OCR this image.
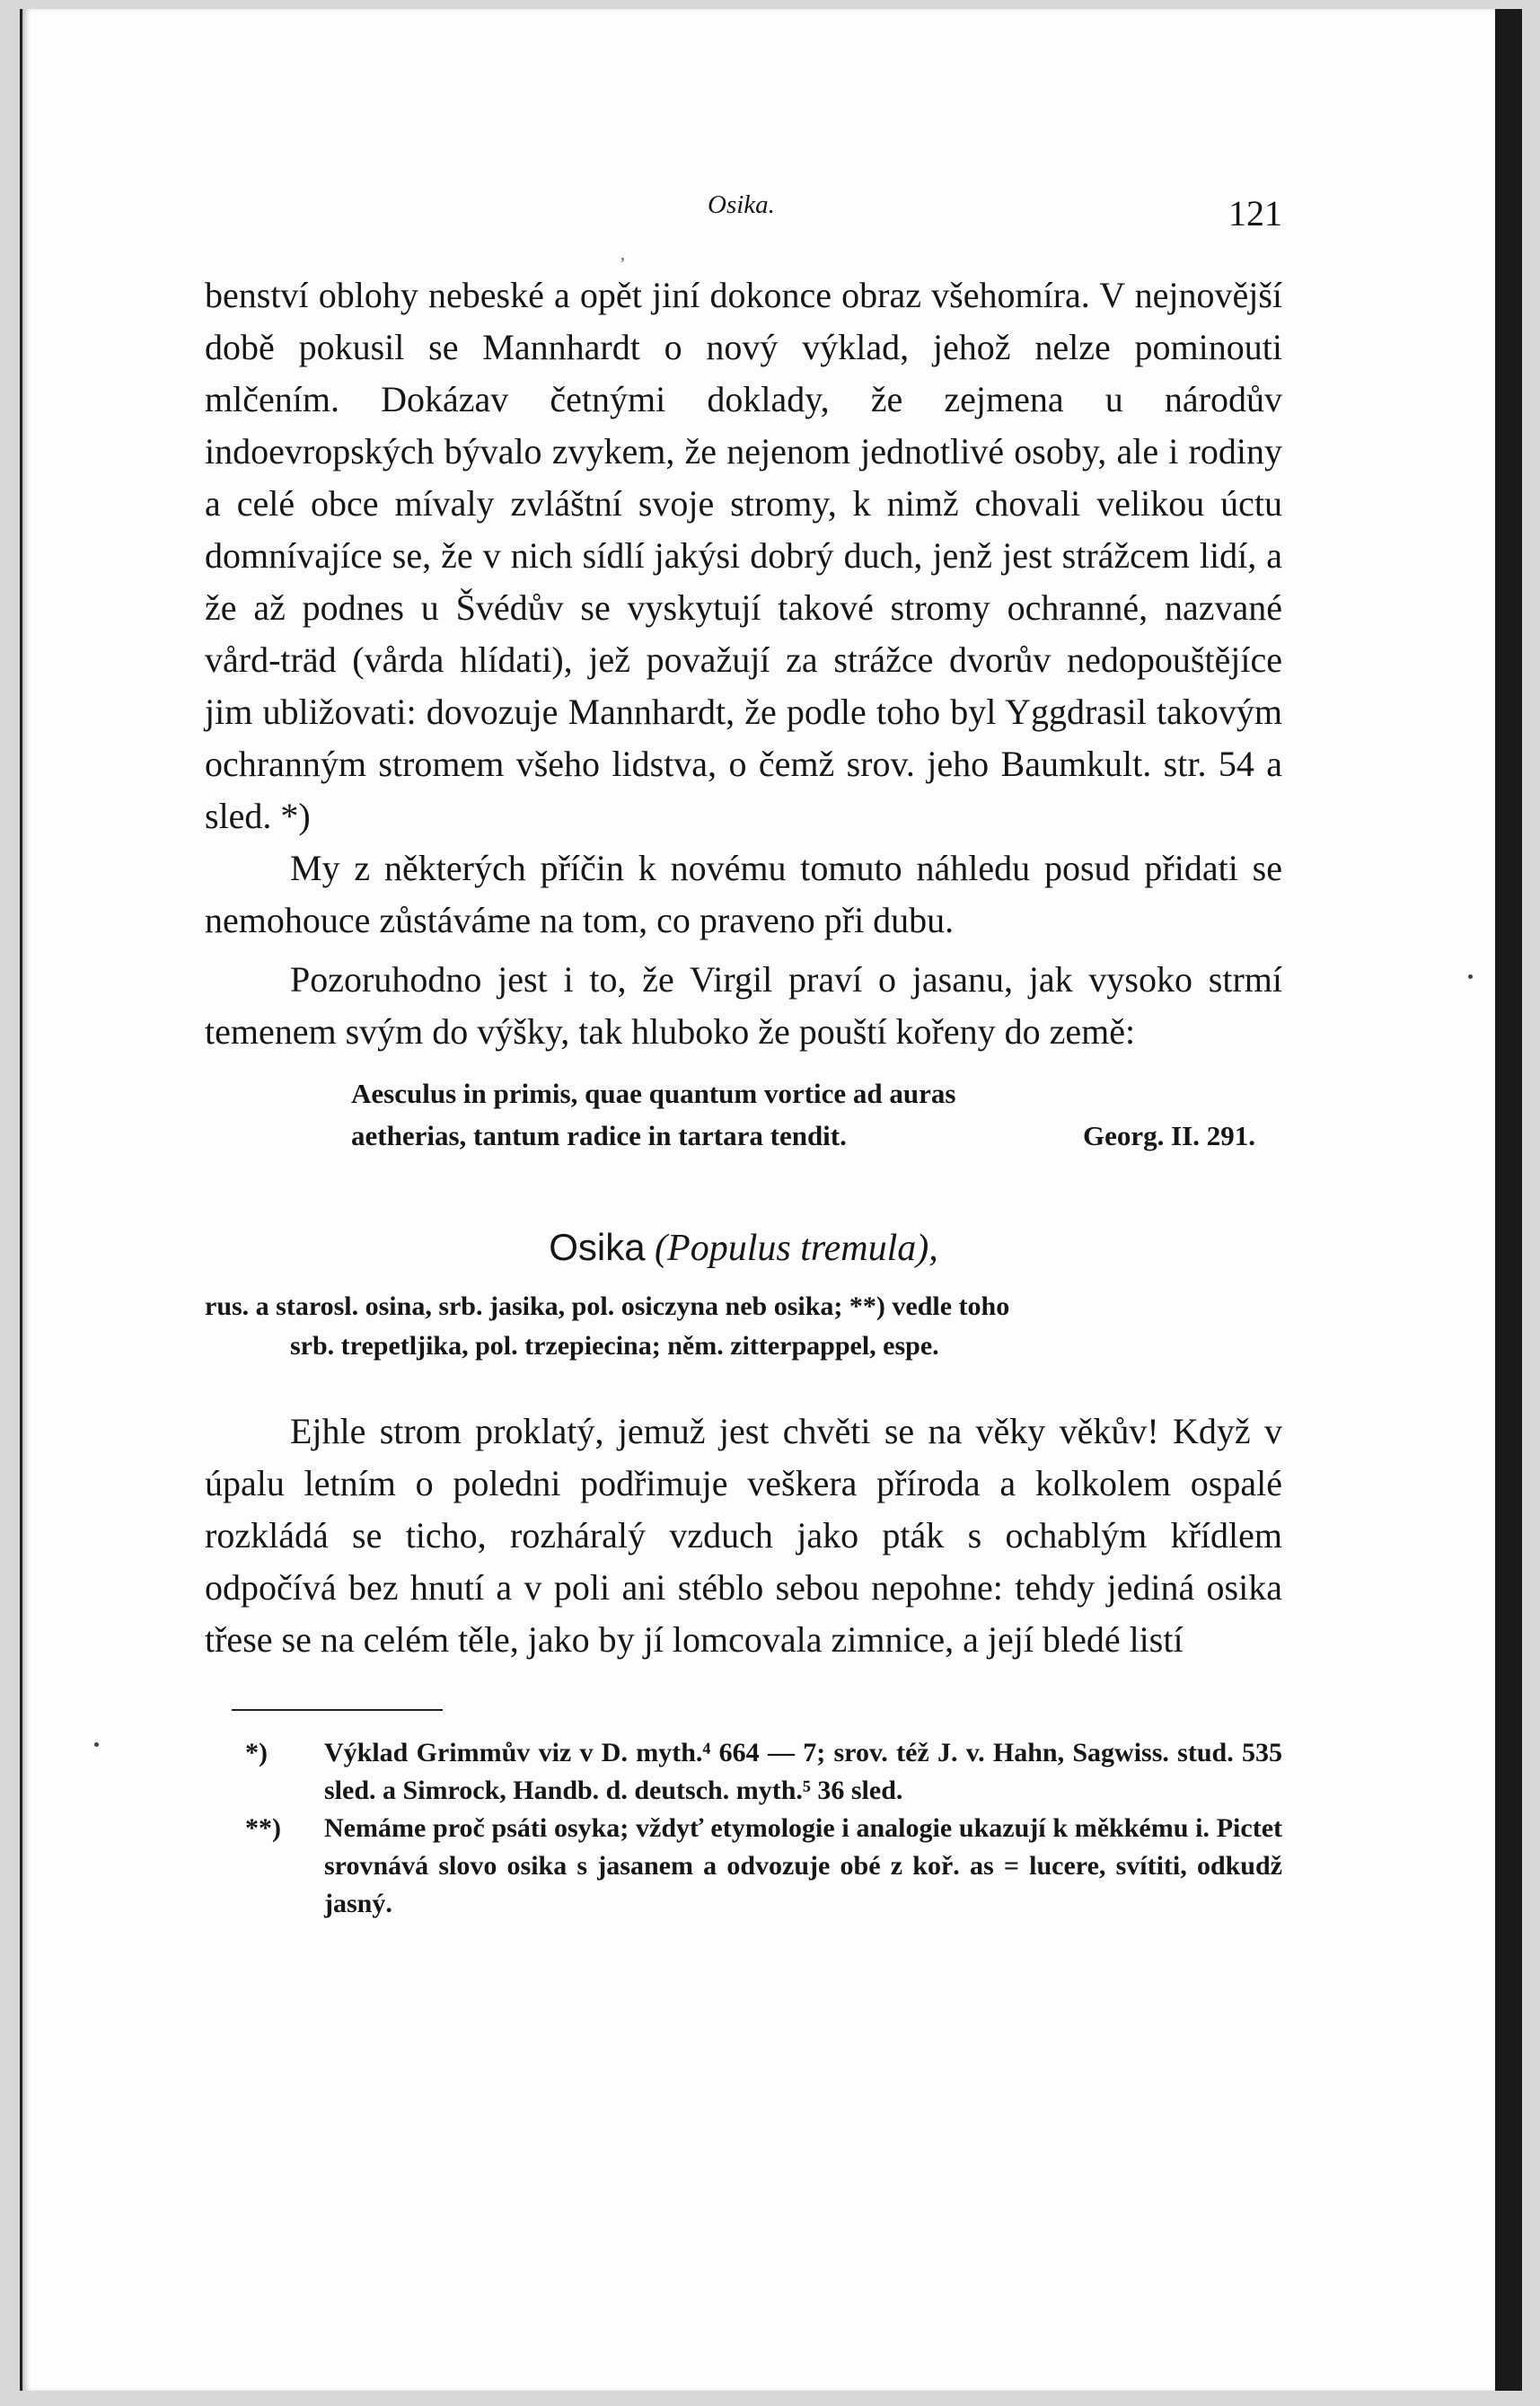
,
Osika.	121

benství oblohy nebeské a opět jiní dokonce obraz všehomíra. V nejnovější době pokusil se Mannhardt o nový výklad, jehož nelze pominouti mlčením. Dokázav četnými doklady, že zejmena u národův indoevropských bývalo zvykem, že nejenom jednotlivé osoby, ale i rodiny a celé obce mívaly zvláštní svoje stromy, k nimž chovali velikou úctu domnívajíce se, že v nich sídlí jakýsi dobrý duch, jenž jest strážcem lidí, a že až podnes u Švédův se vyskytují takové stromy ochranné, nazvané vård-träd (vårda hlídati), jež považují za strážce dvorův nedopouštějíce jim ubližovati: dovozuje Mannhardt, že podle toho byl Yggdrasil takovým ochranným stromem všeho lidstva, o čemž srov. jeho Baumkult. str. 54 a sled. *)

My z některých příčin k novému tomuto náhledu posud přidati se nemohouce zůstáváme na tom, co praveno při dubu.

Pozoruhodno jest i to, že Virgil praví o jasanu, jak vysoko strmí temenem svým do výšky, tak hluboko že pouští kořeny do země:

Aesculus in primis, quae quantum vortice ad auras
aetherias, tantum radice in tartara tendit.	Georg. II. 291.
Osika (Populus tremula),
rus. a starosl. osina, srb. jasika, pol. osiczyna neb osika; **) vedle toho
srb. trepetljika, pol. trzepiecina; něm. zitterpappel, espe.

Ejhle strom proklatý, jemuž jest chvěti se na věky věkův! Když v úpalu letním o poledni podřimuje veškera příroda a kolkolem ospalé rozkládá se ticho, rozháralý vzduch jako pták s ochablým křídlem odpočívá bez hnutí a v poli ani stéblo sebou nepohne: tehdy jediná osika třese se na celém těle, jako by jí lomcovala zimnice, a její bledé listí

*) Výklad Grimmův viz v D. myth.⁴ 664 — 7; srov. též J. v. Hahn, Sagwiss. stud. 535 sled. a Simrock, Handb. d. deutsch. myth.⁵ 36 sled.
**) Nemáme proč psáti osyka; vždyť etymologie i analogie ukazují k měkkému i. Pictet srovnává slovo osika s jasanem a odvozuje obé z koř. as = lucere, svítiti, odkudž jasný.
